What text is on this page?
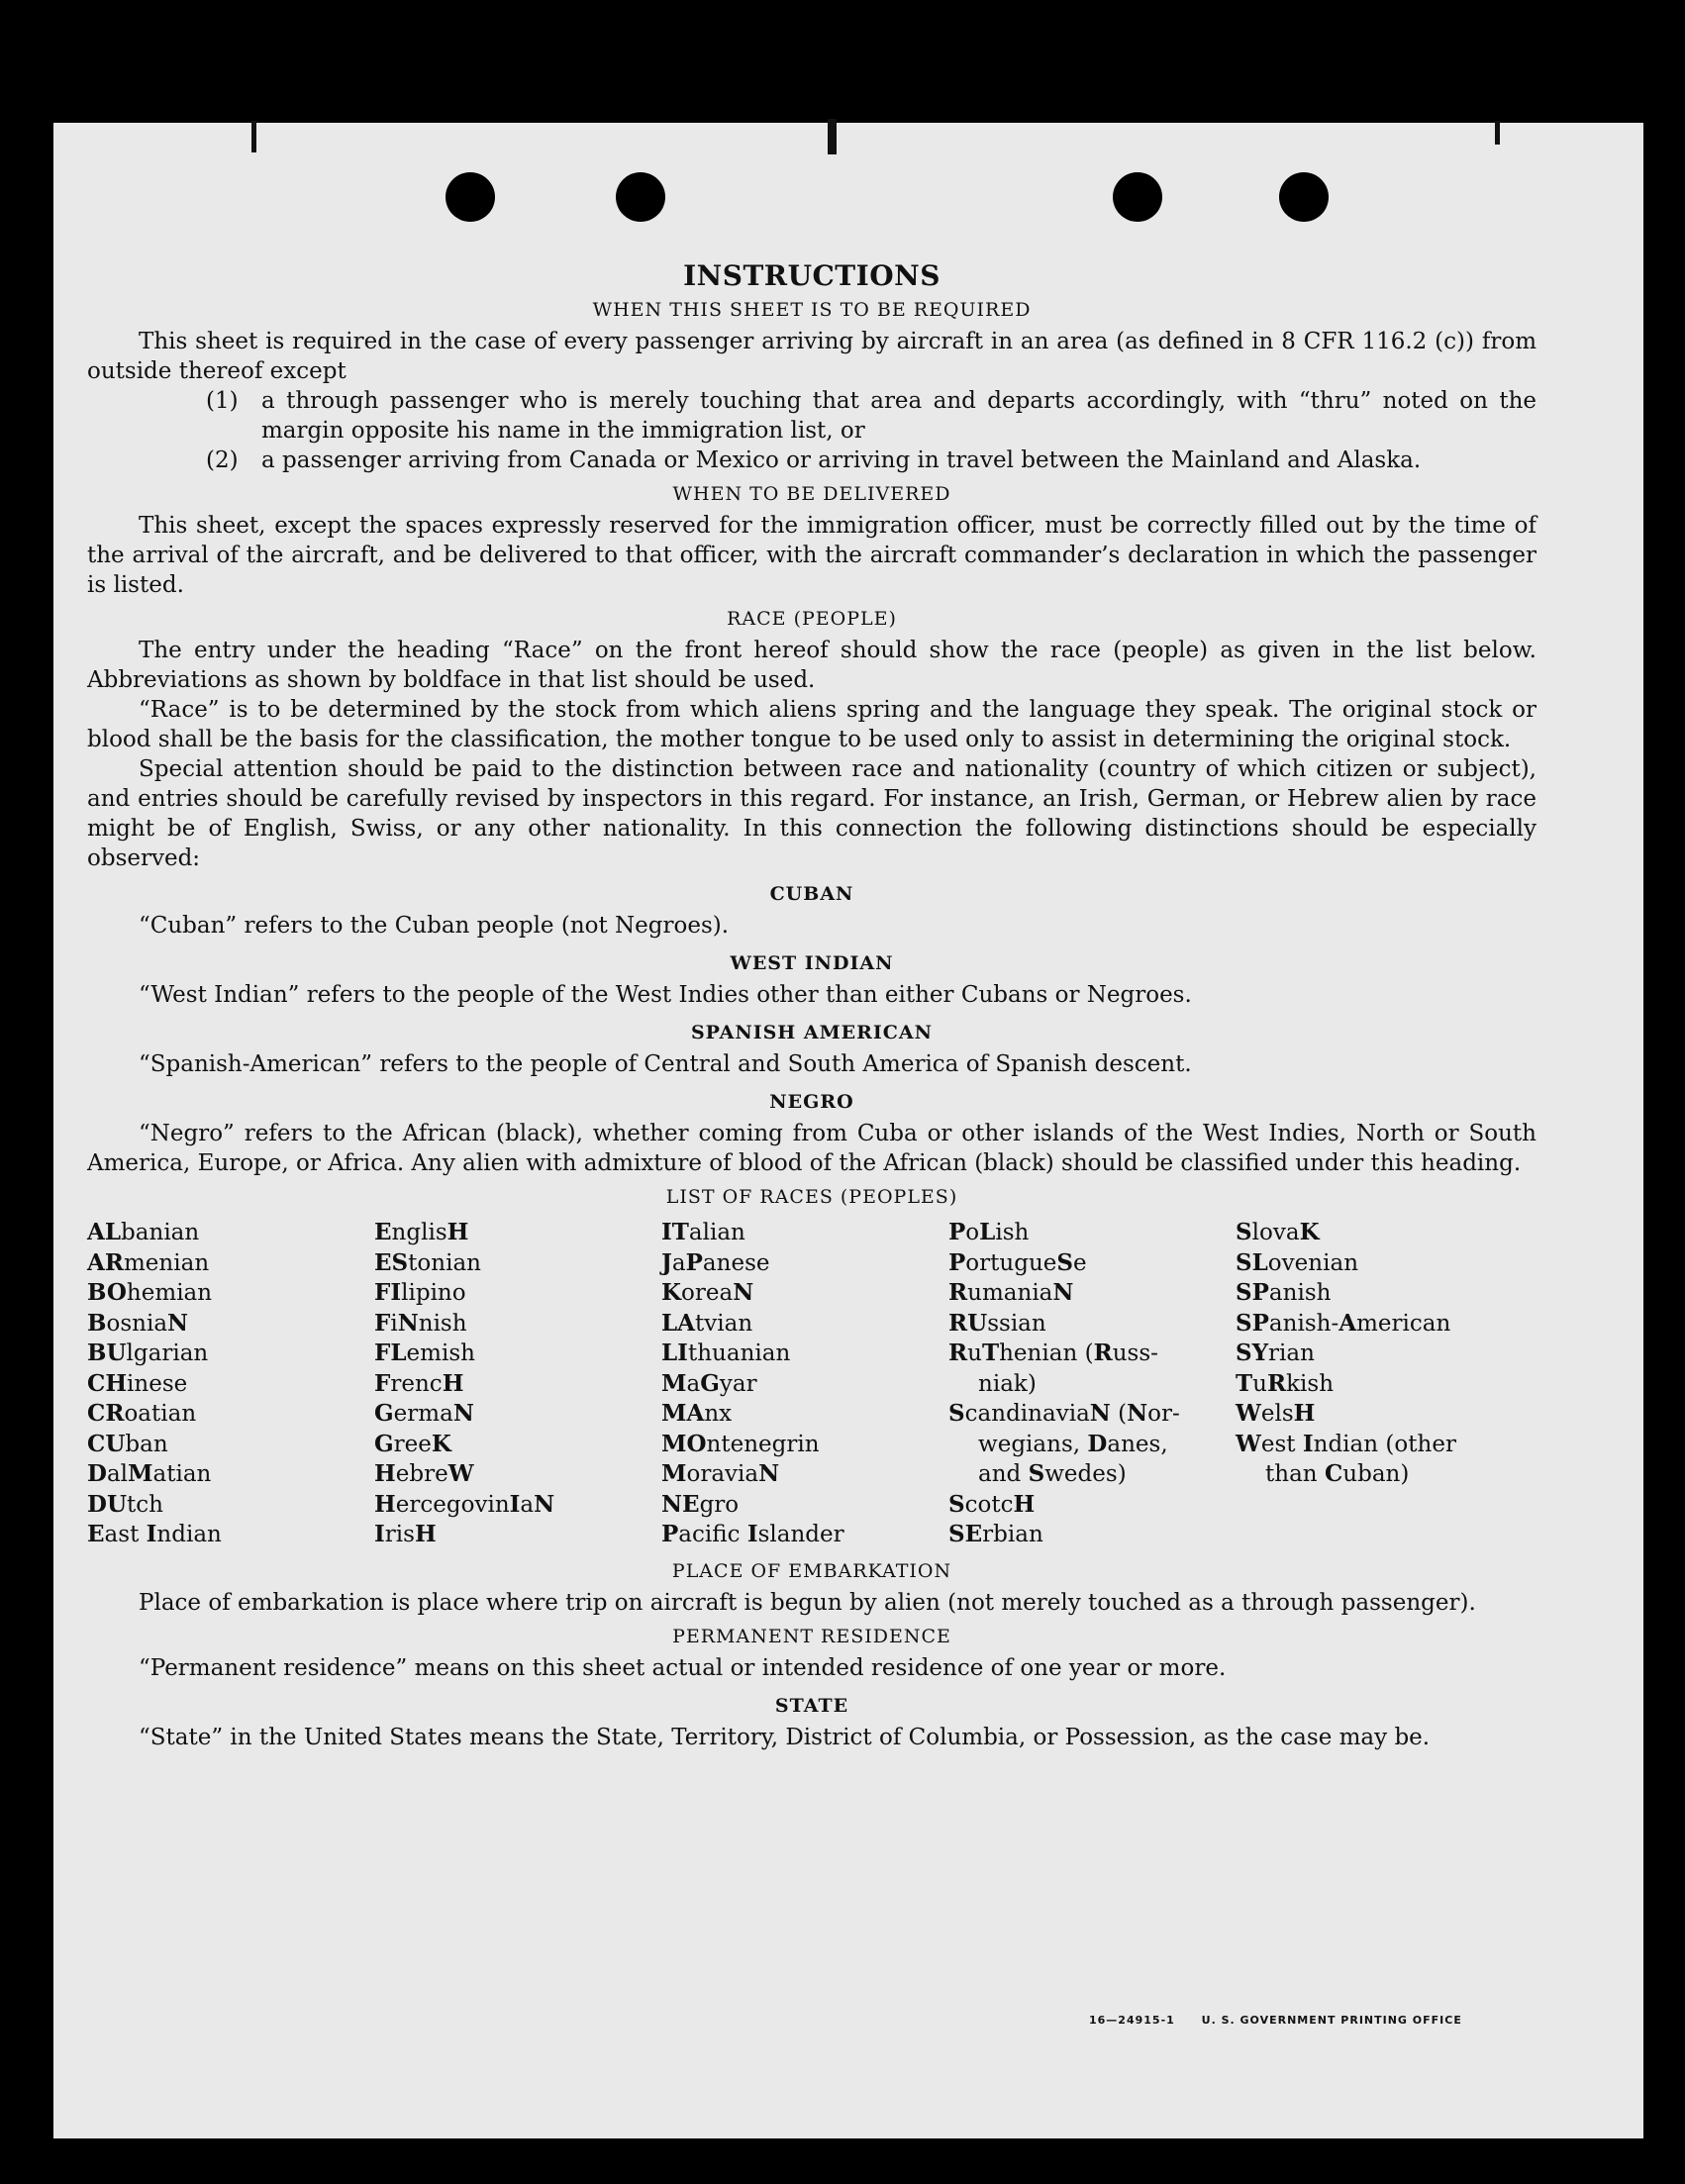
INSTRUCTIONS
WHEN THIS SHEET IS TO BE REQUIRED

This sheet is required in the case of every passenger arriving by aircraft in an area (as defined in 8 CFR 116.2 (c)) from outside thereof except

(1)	a through passenger who is merely touching that area and departs accordingly, with “thru” noted on the margin opposite his name in the immigration list, or
(2)	a passenger arriving from Canada or Mexico or arriving in travel between the Mainland and Alaska.
WHEN TO BE DELIVERED

This sheet, except the spaces expressly reserved for the immigration officer, must be correctly filled out by the time of the arrival of the aircraft, and be delivered to that officer, with the aircraft commander’s declaration in which the passenger is listed.

RACE (PEOPLE)

The entry under the heading “Race” on the front hereof should show the race (people) as given in the list below. Abbreviations as shown by boldface in that list should be used.

“Race” is to be determined by the stock from which aliens spring and the language they speak. The original stock or blood shall be the basis for the classification, the mother tongue to be used only to assist in determining the original stock.

Special attention should be paid to the distinction between race and nationality (country of which citizen or subject), and entries should be carefully revised by inspectors in this regard. For instance, an Irish, German, or Hebrew alien by race might be of English, Swiss, or any other nationality. In this connection the following distinctions should be especially observed:

CUBAN

“Cuban” refers to the Cuban people (not Negroes).

WEST INDIAN

“West Indian” refers to the people of the West Indies other than either Cubans or Negroes.

SPANISH AMERICAN

“Spanish-American” refers to the people of Central and South America of Spanish descent.

NEGRO

“Negro” refers to the African (black), whether coming from Cuba or other islands of the West Indies, North or South America, Europe, or Africa. Any alien with admixture of blood of the African (black) should be classified under this heading.

LIST OF RACES (PEOPLES)
ALbanian
ARmenian
BOhemian
BosniaN
BUlgarian
CHinese
CRoatian
CUban
DalMatian
DUtch
East Indian
EnglisH
EStonian
FIlipino
FiNnish
FLemish
FrencH
GermaN
GreeK
HebreW
HercegovinIaN
IrisH
ITalian
JaPanese
KoreaN
LAtvian
LIthuanian
MaGyar
MAnx
MOntenegrin
MoraviaN
NEgro
Pacifc Islander
PoLish
PortugueSe
RumaniaN
RUssian
RuThenian (Russ-
niak)
ScandinaviaN (Nor-
wegians, Danes,
and Swedes)
ScotcH
SErbian
SlovaK
SLovenian
SPanish
SPanish-American
SYrian
TuRkish
WelsH
West Indian (other
than Cuban)
PLACE OF EMBARKATION

Place of embarkation is place where trip on aircraft is begun by alien (not merely touched as a through passenger).

PERMANENT RESIDENCE

“Permanent residence” means on this sheet actual or intended residence of one year or more.

STATE

“State” in the United States means the State, Territory, District of Columbia, or Possession, as the case may be.

16—24915-1 U. S. GOVERNMENT PRINTING OFFICE
